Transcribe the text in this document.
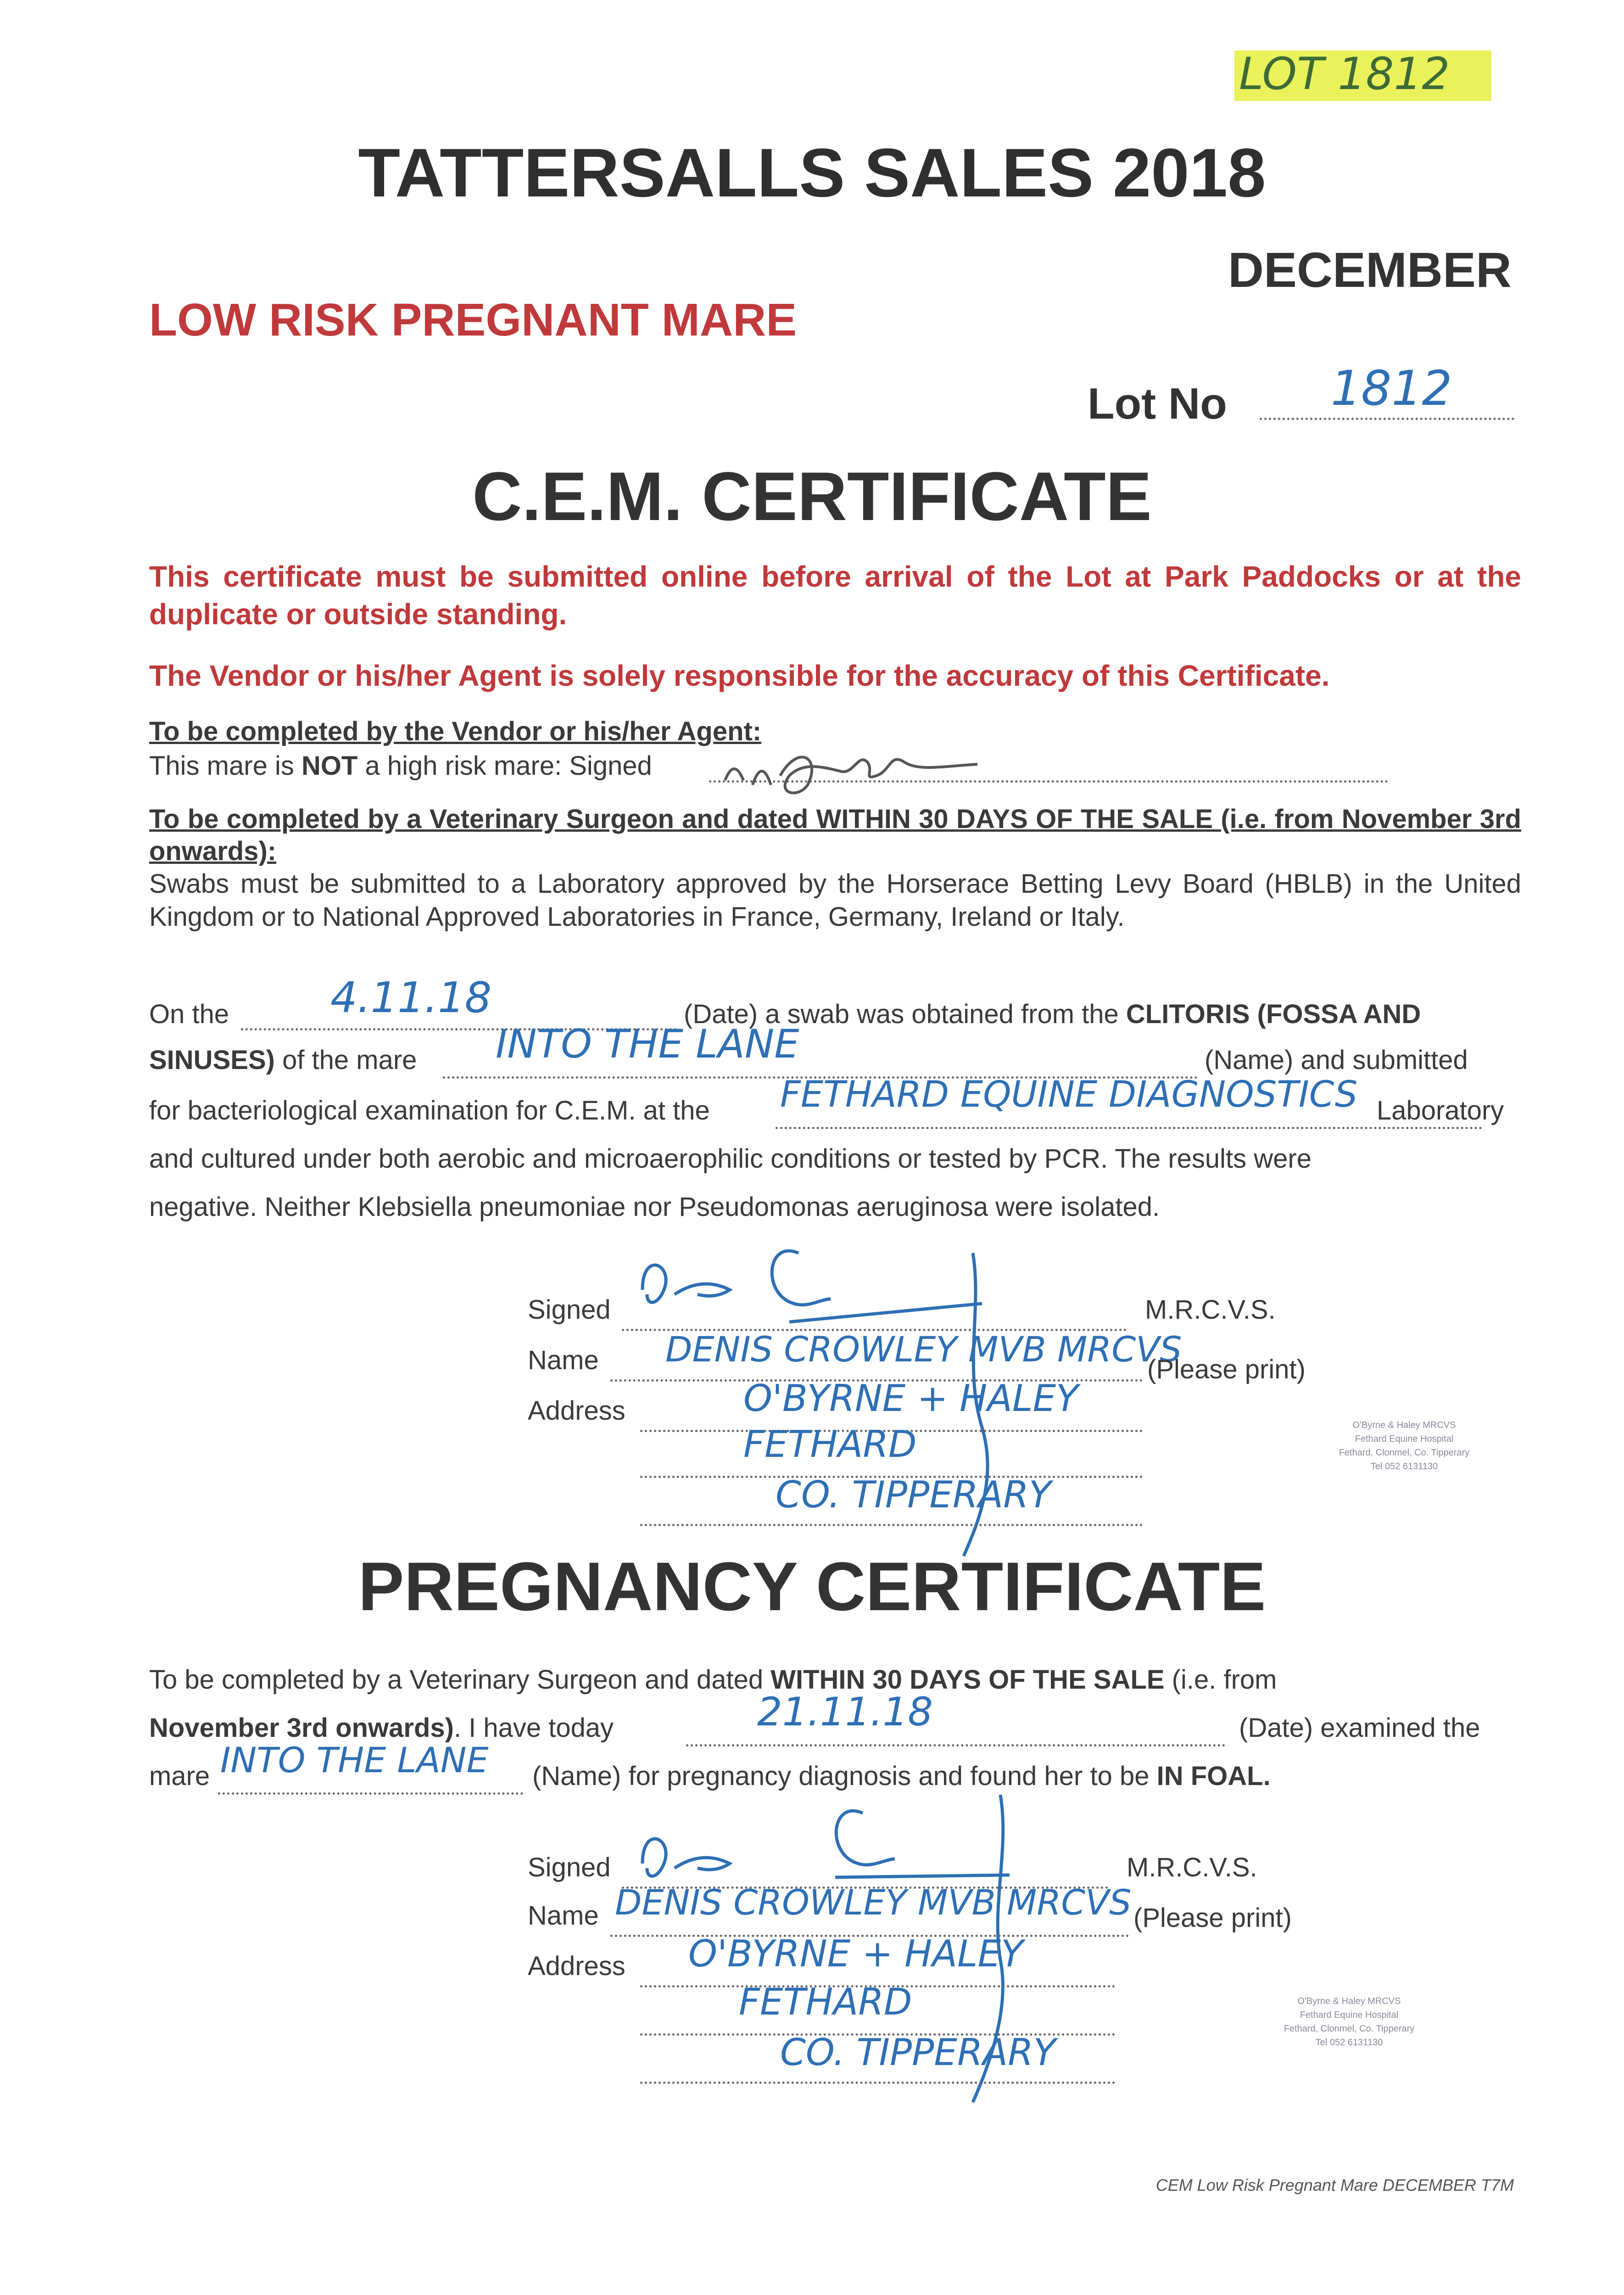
LOT 1812
TATTERSALLS SALES 2018
DECEMBER
LOW RISK PREGNANT MARE
Lot No 1812
C.E.M. CERTIFICATE
This certificate must be submitted online before arrival of the Lot at Park Paddocks or at the duplicate or outside standing.
The Vendor or his/her Agent is solely responsible for the accuracy of this Certificate.
To be completed by the Vendor or his/her Agent:
This mare is NOT a high risk mare: Signed
To be completed by a Veterinary Surgeon and dated WITHIN 30 DAYS OF THE SALE (i.e. from November 3rd onwards):
Swabs must be submitted to a Laboratory approved by the Horserace Betting Levy Board (HBLB) in the United Kingdom or to National Approved Laboratories in France, Germany, Ireland or Italy.
On the 4.11.18	(Date) a swab was obtained from the CLITORIS (FOSSA AND
SINUSES) of the mare INTO THE LANE	(Name) and submitted
for bacteriological examination for C.E.M. at the FETHARD EQUINE DIAGNOSTICS Laboratory
and cultured under both aerobic and microaerophilic conditions or tested by PCR. The results were
negative. Neither Klebsiella pneumoniae nor Pseudomonas aeruginosa were isolated.
Signed	M.R.C.V.S.
Name DENIS CROWLEY MVB MRCVS
(Please print)
Address	O'BYRNE + HALEY
FETHARD
CO. TIPPERARY
O'Byrne & Haley MRCVS
Fethard Equine Hospital
Fethard, Clonmel, Co. Tipperary
Tel 052 6131130
PREGNANCY CERTIFICATE
To be completed by a Veterinary Surgeon and dated WITHIN 30 DAYS OF THE SALE (i.e. from
November 3rd onwards). I have today	21.11.18	(Date) examined the
mare INTO THE LANE (Name) for pregnancy diagnosis and found her to be IN FOAL.
Signed	M.R.C.V.S.
Name DENIS CROWLEY MVB MRCVS (Please print)
Address O'BYRNE + HALEY
FETHARD
CO. TIPPERARY
O'Byrne & Haley MRCVS
Fethard Equine Hospital
Fethard, Clonmel, Co. Tipperary
Tel 052 6131130
CEM Low Risk Pregnant Mare DECEMBER T7M
